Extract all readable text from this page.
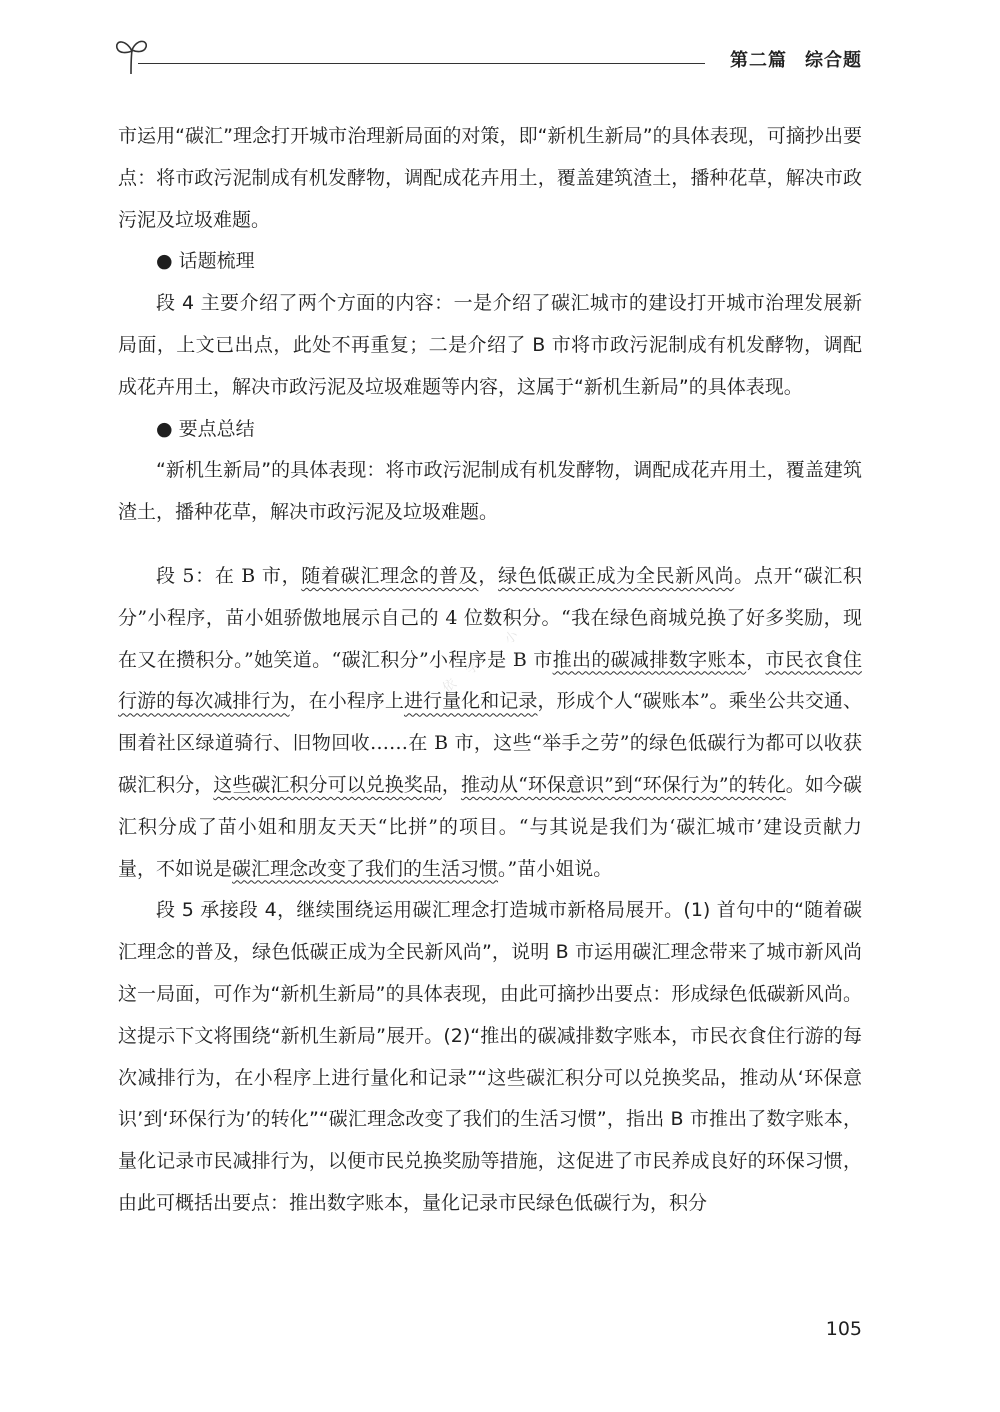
第二篇 综合题
依 学 · 小 程

市运用“碳汇”理念打开城市治理新局面的对策，即“新机生新局”的具体表现，可摘抄出要点：将市政污泥制成有机发酵物，调配成花卉用土，覆盖建筑渣土，播种花草，解决市政污泥及垃圾难题。

● 话题梳理

段 4 主要介绍了两个方面的内容：一是介绍了碳汇城市的建设打开城市治理发展新局面，上文已出点，此处不再重复；二是介绍了 B 市将市政污泥制成有机发酵物，调配成花卉用土，解决市政污泥及垃圾难题等内容，这属于“新机生新局”的具体表现。

● 要点总结

“新机生新局”的具体表现：将市政污泥制成有机发酵物，调配成花卉用土，覆盖建筑渣土，播种花草，解决市政污泥及垃圾难题。

段 5：在 B 市，随着碳汇理念的普及，绿色低碳正成为全民新风尚。点开“碳汇积分”小程序，苗小姐骄傲地展示自己的 4 位数积分。“我在绿色商城兑换了好多奖励，现在又在攒积分。”她笑道。“碳汇积分”小程序是 B 市推出的碳减排数字账本，市民衣食住行游的每次减排行为，在小程序上进行量化和记录，形成个人“碳账本”。乘坐公共交通、围着社区绿道骑行、旧物回收……在 B 市，这些“举手之劳”的绿色低碳行为都可以收获碳汇积分，这些碳汇积分可以兑换奖品，推动从“环保意识”到“环保行为”的转化。如今碳汇积分成了苗小姐和朋友天天“比拼”的项目。“与其说是我们为‘碳汇城市’建设贡献力量，不如说是碳汇理念改变了我们的生活习惯。”苗小姐说。

段 5 承接段 4，继续围绕运用碳汇理念打造城市新格局展开。(1) 首句中的“随着碳汇理念的普及，绿色低碳正成为全民新风尚”，说明 B 市运用碳汇理念带来了城市新风尚这一局面，可作为“新机生新局”的具体表现，由此可摘抄出要点：形成绿色低碳新风尚。这提示下文将围绕“新机生新局”展开。(2)“推出的碳减排数字账本，市民衣食住行游的每次减排行为，在小程序上进行量化和记录”“这些碳汇积分可以兑换奖品，推动从‘环保意识’到‘环保行为’的转化”“碳汇理念改变了我们的生活习惯”，指出 B 市推出了数字账本，量化记录市民减排行为，以便市民兑换奖励等措施，这促进了市民养成良好的环保习惯，由此可概括出要点：推出数字账本，量化记录市民绿色低碳行为，积分

105
